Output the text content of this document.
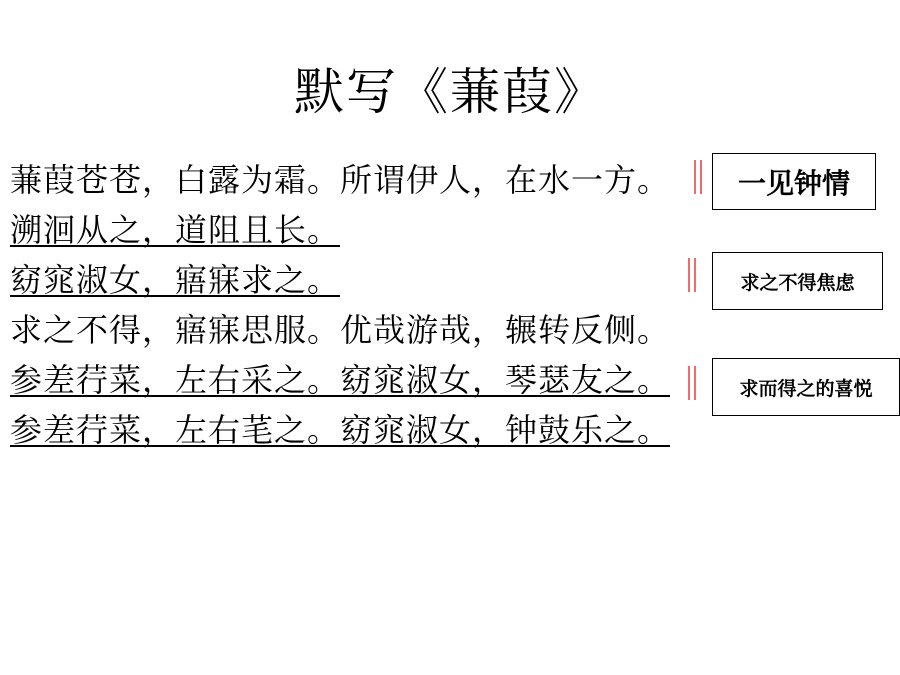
默写《蒹葭》
蒹葭苍苍，白露为霜。所谓伊人，在水一方。
溯洄从之，道阻且长。
窈窕淑女，寤寐求之。
求之不得，寤寐思服。优哉游哉，辗转反侧。
参差荇菜，左右采之。窈窕淑女，琴瑟友之。
参差荇菜，左右芼之。窈窕淑女，钟鼓乐之。
一见钟情
求之不得焦虑
求而得之的喜悦
